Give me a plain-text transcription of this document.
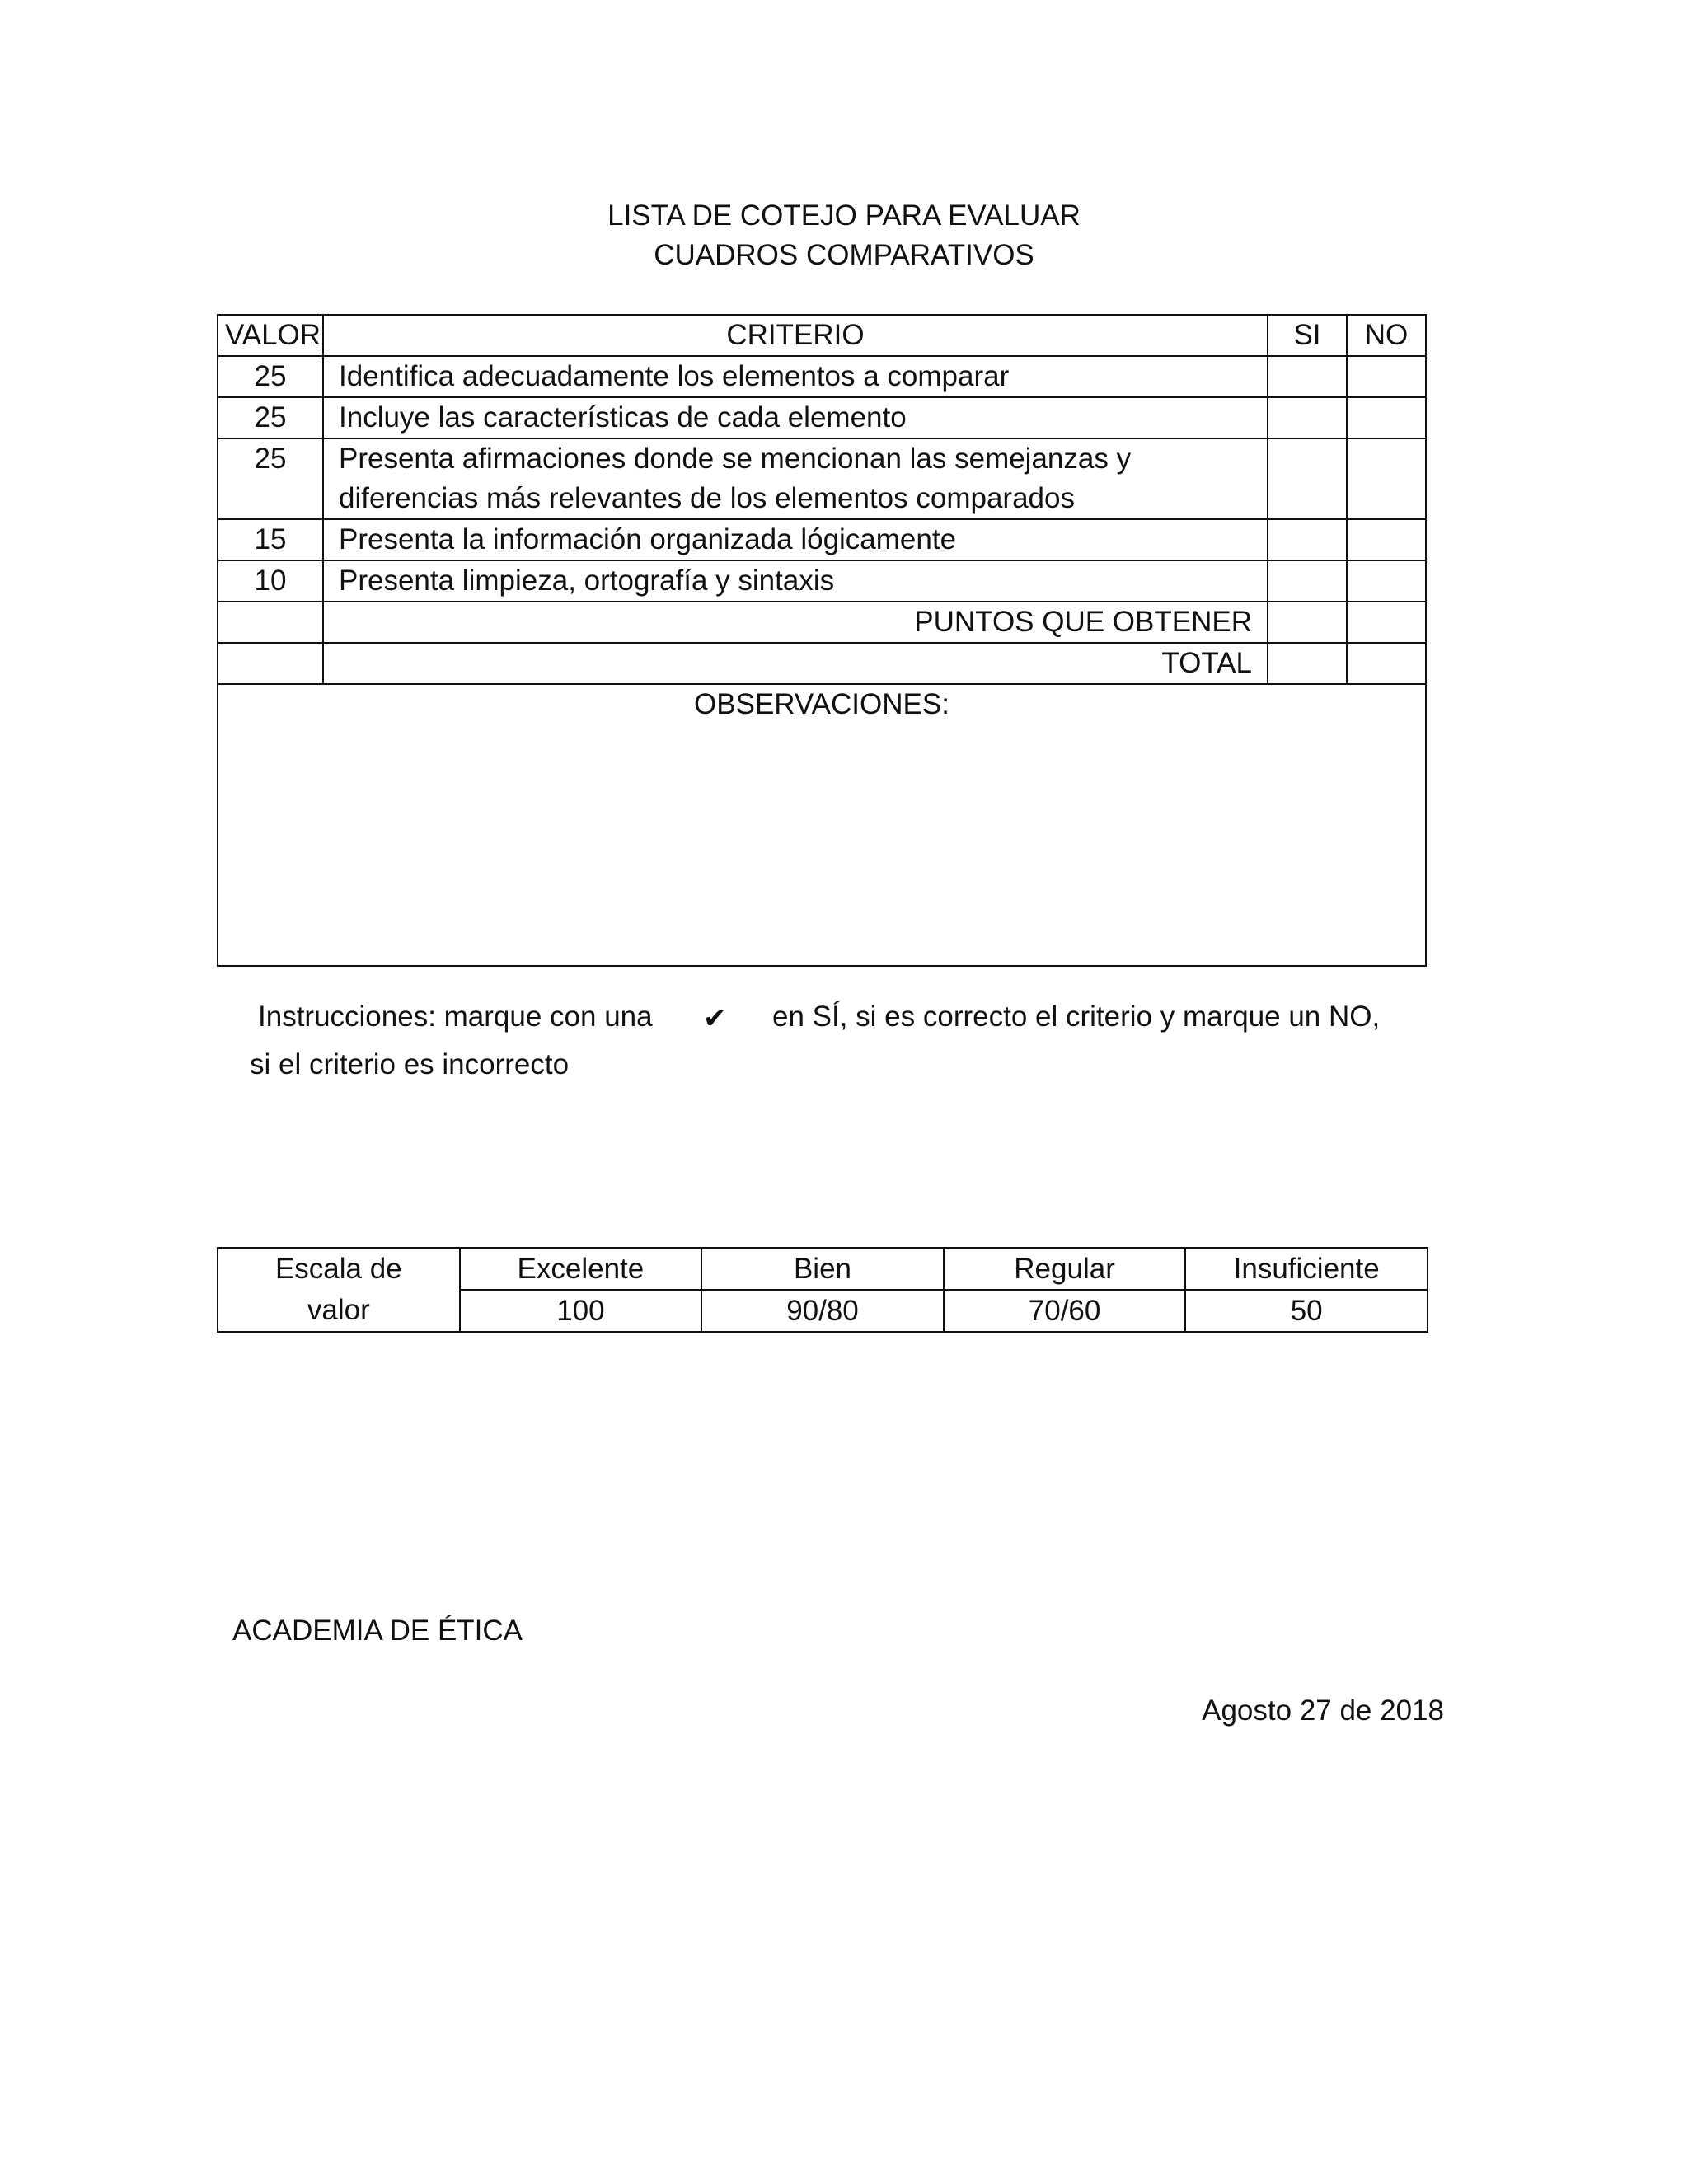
LISTA DE COTEJO PARA EVALUAR
CUADROS COMPARATIVOS
VALOR	CRITERIO	SI	NO
25	Identifica adecuadamente los elementos a comparar		
25	Incluye las características de cada elemento		
25	Presenta afirmaciones donde se mencionan las semejanzas y
diferencias más relevantes de los elementos comparados		

15	Presenta la información organizada lógicamente		
10	Presenta limpieza, ortografía y sintaxis		
	PUNTOS QUE OBTENER		
	TOTAL		
OBSERVACIONES:			
Instrucciones: marque con una ✔ en SÍ, si es correcto el criterio y marque un NO,
si el criterio es incorrecto
Escala de
valor	Excelente	Bien	Regular	Insuficiente
	100	90/80	70/60	50
ACADEMIA DE ÉTICA
Agosto 27 de 2018
